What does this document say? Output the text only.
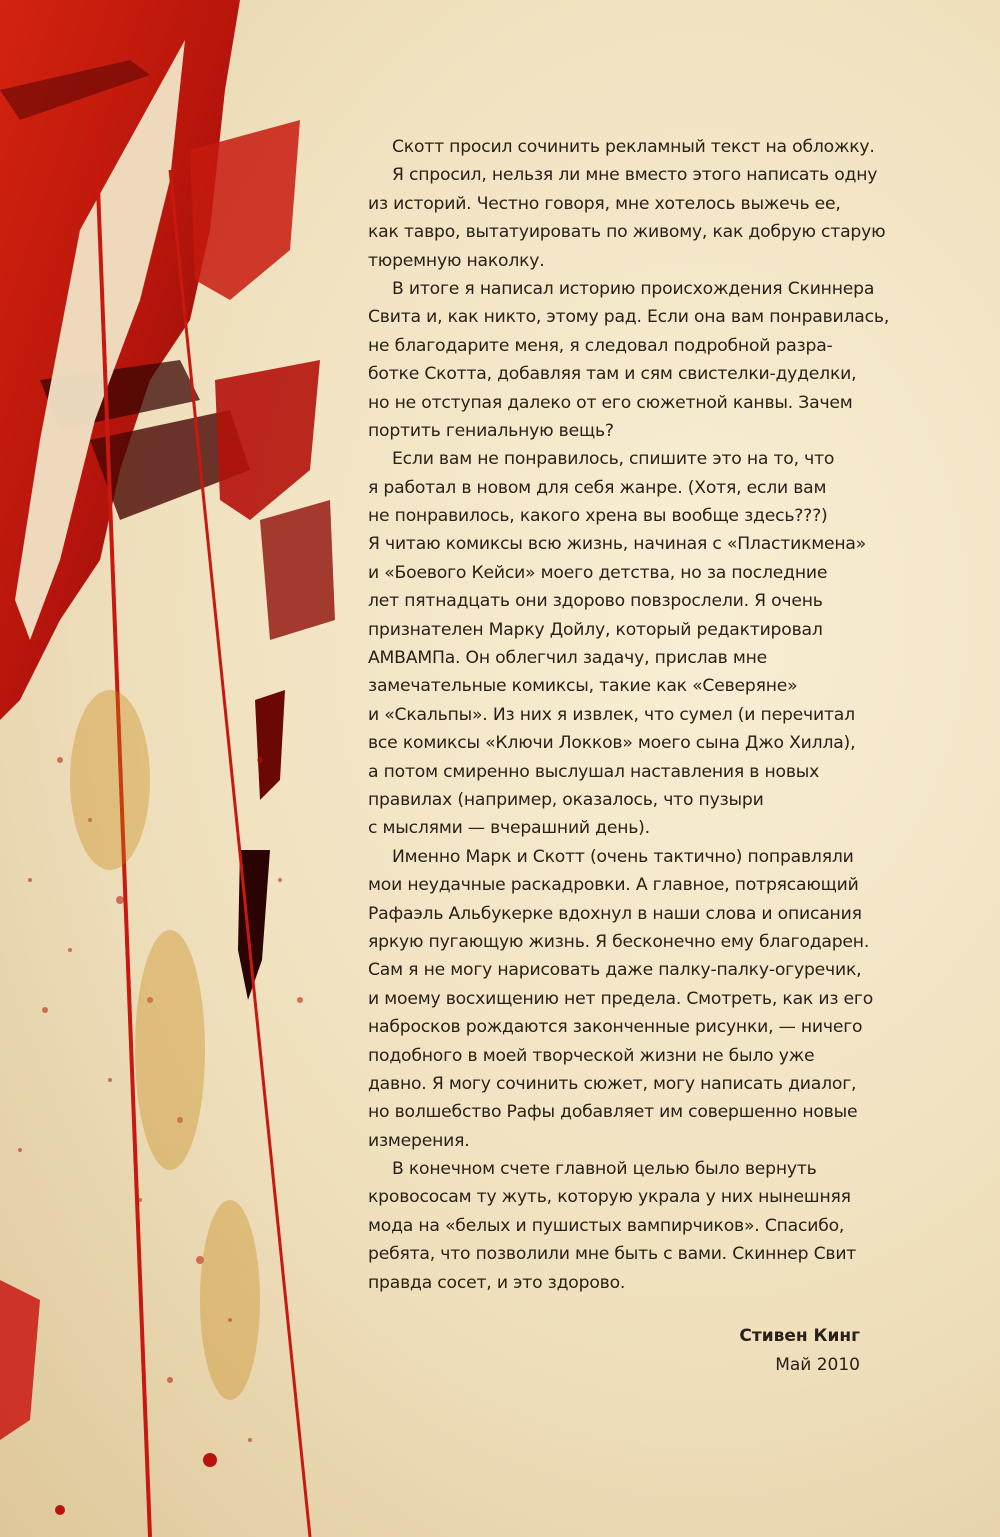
Скотт просил сочинить рекламный текст на обложку.
Я спросил, нельзя ли мне вместо этого написать одну
из историй. Честно говоря, мне хотелось выжечь ее,
как тавро, вытатуировать по живому, как добрую старую
тюремную наколку.
В итоге я написал историю происхождения Скиннера
Свита и, как никто, этому рад. Если она вам понравилась,
не благодарите меня, я следовал подробной разра-
ботке Скотта, добавляя там и сям свистелки-дуделки,
но не отступая далеко от его сюжетной канвы. Зачем
портить гениальную вещь?
Если вам не понравилось, спишите это на то, что
я работал в новом для себя жанре. (Хотя, если вам
не понравилось, какого хрена вы вообще здесь???)
Я читаю комиксы всю жизнь, начиная с «Пластикмена»
и «Боевого Кейси» моего детства, но за последние
лет пятнадцать они здорово повзрослели. Я очень
признателен Марку Дойлу, который редактировал
АМВАМПа. Он облегчил задачу, прислав мне
замечательные комиксы, такие как «Северяне»
и «Скальпы». Из них я извлек, что сумел (и перечитал
все комиксы «Ключи Локков» моего сына Джо Хилла),
а потом смиренно выслушал наставления в новых
правилах (например, оказалось, что пузыри
с мыслями — вчерашний день).
Именно Марк и Скотт (очень тактично) поправляли
мои неудачные раскадровки. А главное, потрясающий
Рафаэль Альбукерке вдохнул в наши слова и описания
яркую пугающую жизнь. Я бесконечно ему благодарен.
Сам я не могу нарисовать даже палку-палку-огуречик,
и моему восхищению нет предела. Смотреть, как из его
набросков рождаются законченные рисунки, — ничего
подобного в моей творческой жизни не было уже
давно. Я могу сочинить сюжет, могу написать диалог,
но волшебство Рафы добавляет им совершенно новые
измерения.
В конечном счете главной целью было вернуть
кровососам ту жуть, которую украла у них нынешняя
мода на «белых и пушистых вампирчиков». Спасибо,
ребята, что позволили мне быть с вами. Скиннер Свит
правда сосет, и это здорово.
Стивен Кинг
Май 2010
